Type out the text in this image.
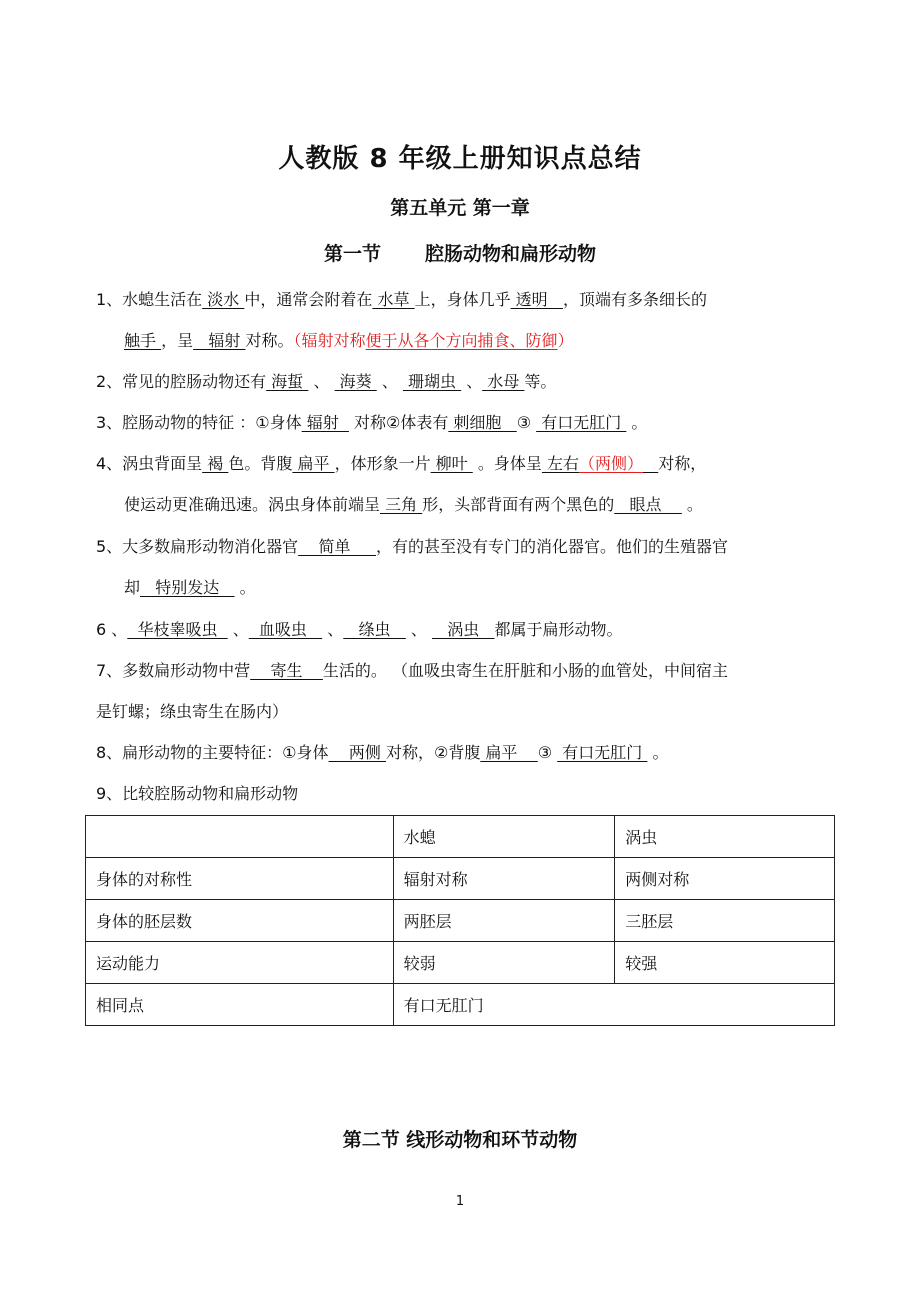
人教版 8 年级上册知识点总结
第五单元 第一章
第一节 腔肠动物和扁形动物
1、水螅生活在 淡水 中，通常会附着在 水草 上，身体几乎 透明   ，顶端有多条细长的
触手 ，呈   辐射 对称。（辐射对称便于从各个方向捕食、防御）
2、常见的腔肠动物还有 海蜇  、  海葵  、  珊瑚虫  、 水母 等。
3、腔肠动物的特征 ：①身体 辐射   对称②体表有 刺细胞   ③  有口无肛门  。
4、涡虫背面呈 褐 色。背腹 扁平 ，体形象一片 柳叶  。身体呈 左右（两侧） 对称，
使运动更准确迅速。涡虫身体前端呈 三角 形，头部背面有两个黑色的   眼点     。
5、大多数扁形动物消化器官    简单     ，有的甚至没有专门的消化器官。他们的生殖器官
却   特别发达    。
6 、  华枝睾吸虫   、  血吸虫    、   绦虫    、    涡虫   都属于扁形动物。
7、多数扁形动物中营    寄生    生活的。 （血吸虫寄生在肝脏和小肠的血管处，中间宿主
是钉螺；绦虫寄生在肠内）
8、扁形动物的主要特征：①身体    两侧 对称，②背腹 扁平    ③  有口无肛门  。
9、比较腔肠动物和扁形动物
	水螅	涡虫
身体的对称性	辐射对称	两侧对称
身体的胚层数	两胚层	三胚层
运动能力	较弱	较强
相同点	有口无肛门	
第二节 线形动物和环节动物
1
